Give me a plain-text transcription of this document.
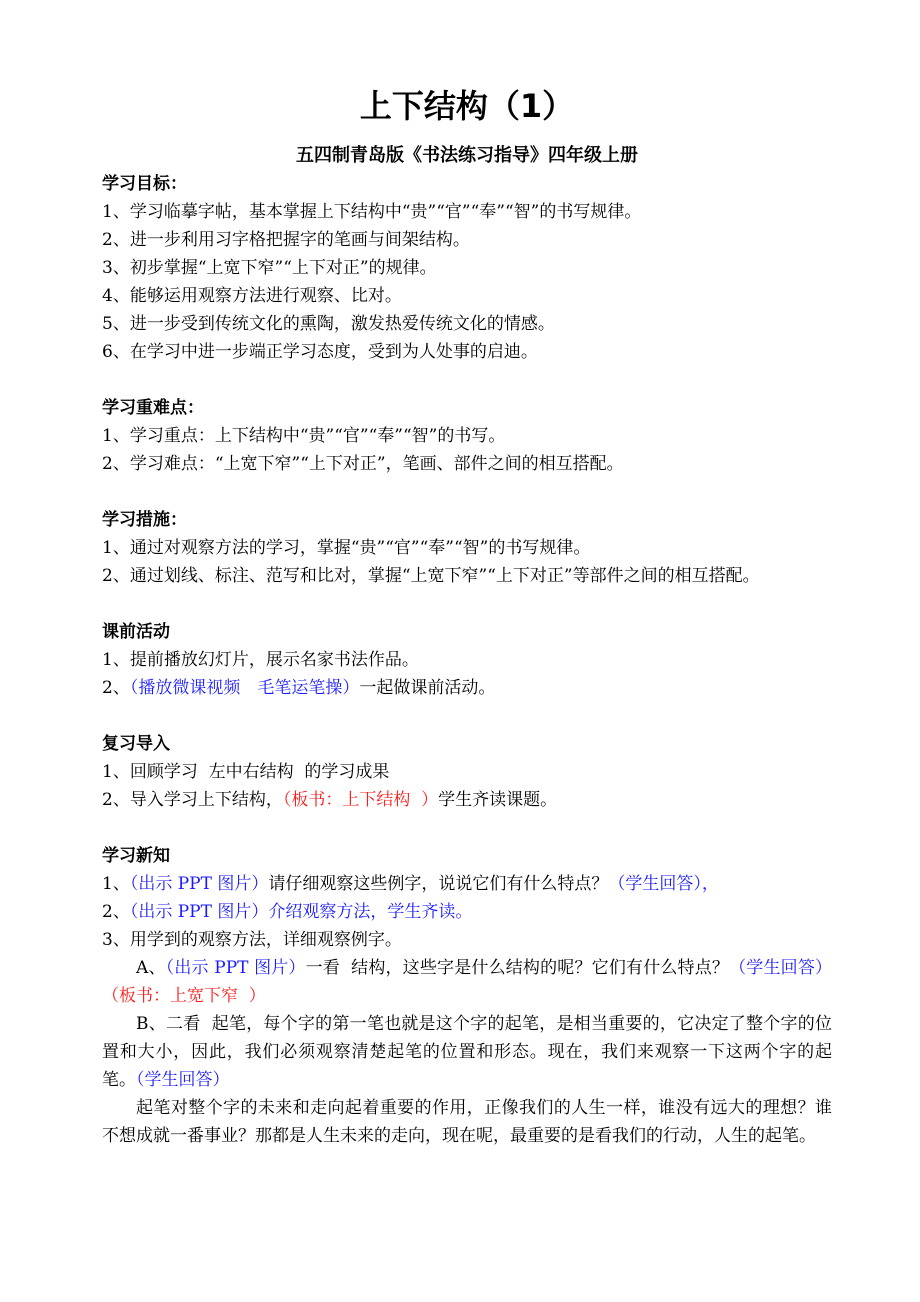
上下结构（1）
五四制青岛版《书法练习指导》四年级上册
学习目标：
1、学习临摹字帖，基本掌握上下结构中“贵”“官”“奉”“智”的书写规律。
2、进一步利用习字格把握字的笔画与间架结构。
3、初步掌握“上宽下窄”“上下对正”的规律。
4、能够运用观察方法进行观察、比对。
5、进一步受到传统文化的熏陶，激发热爱传统文化的情感。
6、在学习中进一步端正学习态度，受到为人处事的启迪。
学习重难点：
1、学习重点：上下结构中“贵”“官”“奉”“智”的书写。
2、学习难点：“上宽下窄”“上下对正”，笔画、部件之间的相互搭配。
学习措施：
1、通过对观察方法的学习，掌握“贵”“官”“奉”“智”的书写规律。
2、通过划线、标注、范写和比对，掌握“上宽下窄”“上下对正”等部件之间的相互搭配。
课前活动
1、提前播放幻灯片，展示名家书法作品。
2、（播放微课视频　毛笔运笔操）一起做课前活动。
复习导入
1、回顾学习  左中右结构  的学习成果
2、导入学习上下结构，（板书：上下结构  ）学生齐读课题。
学习新知
1、（出示 PPT 图片）请仔细观察这些例字，说说它们有什么特点？（学生回答），
2、（出示 PPT 图片）介绍观察方法，学生齐读。
3、用学到的观察方法，详细观察例字。
A、（出示 PPT 图片）一看  结构，这些字是什么结构的呢？它们有什么特点？（学生回答）（板书：上宽下窄  ）
B、二看  起笔，每个字的第一笔也就是这个字的起笔，是相当重要的，它决定了整个字的位置和大小，因此，我们必须观察清楚起笔的位置和形态。现在，我们来观察一下这两个字的起笔。（学生回答）
起笔对整个字的未来和走向起着重要的作用，正像我们的人生一样，谁没有远大的理想？谁不想成就一番事业？那都是人生未来的走向，现在呢，最重要的是看我们的行动，人生的起笔。
